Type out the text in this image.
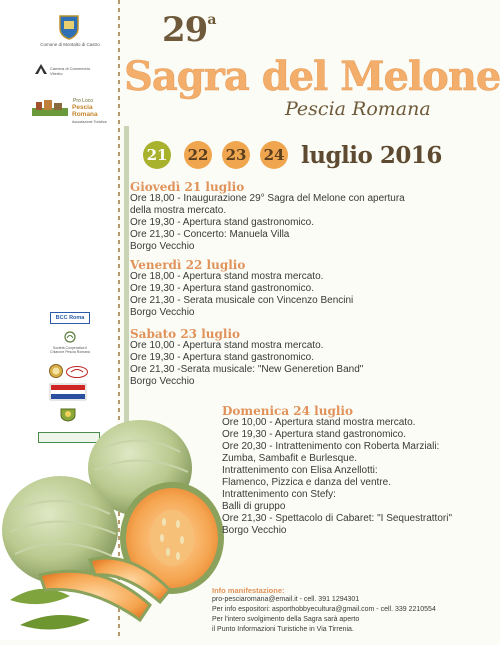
Comune di Montalto di Castro
Camera di Commercio Viterbo
Pro Loco
Pescia Romana
Associazione Turistica
BCC Roma
Società Cooperativa Il Chiarone Pescia Romana
29$^a$
Sagra del Melone
Pescia Romana
21 22 23 24 luglio 2016
Giovedì 21 luglio
Ore 18,00 - Inaugurazione 29° Sagra del Melone con apertura
della mostra mercato.
Ore 19,30 - Apertura stand gastronomico.
Ore 21,30 - Concerto: Manuela Villa
Borgo Vecchio
Venerdì 22 luglio
Ore 18,00 - Apertura stand mostra mercato.
Ore 19,30 - Apertura stand gastronomico.
Ore 21,30 - Serata musicale con Vincenzo Bencini
Borgo Vecchio
Sabato 23 luglio
Ore 10,00 - Apertura stand mostra mercato.
Ore 19,30 - Apertura stand gastronomico.
Ore 21,30 -Serata musicale: "New Generetion Band"
Borgo Vecchio
Domenica 24 luglio
Ore 10,00 - Apertura stand mostra mercato.
Ore 19,30 - Apertura stand gastronomico.
Ore 20,30 - Intrattenimento con Roberta Marziali:
Zumba, Sambafit e Burlesque.
Intrattenimento con Elisa Anzellotti:
Flamenco, Pizzica e danza del ventre.
Intrattenimento con Stefy:
Balli di gruppo
Ore 21,30 - Spettacolo di Cabaret: "I Sequestrattori"
Borgo Vecchio
Info manifestazione:
pro-pesciaromana@email.it - cell. 391 1294301
Per info espositori: asporthobbyecultura@gmail.com - cell. 339 2210554
Per l'intero svolgimento della Sagra sarà aperto
il Punto Informazioni Turistiche in Via Tirrenia.
